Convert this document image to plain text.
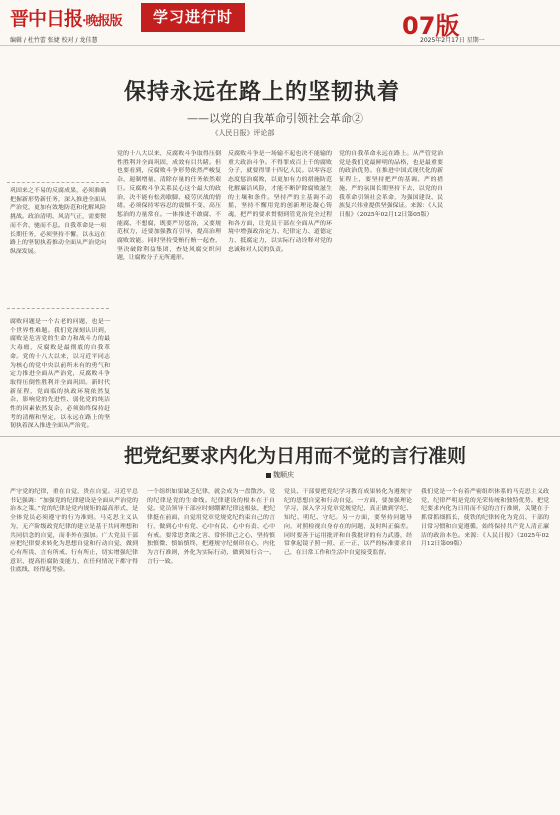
晋中日报·晚报版	学习进行时	07版
编辑 / 杜竹蕾 张婕 校对 / 龙佳慧	2025年2月17日 星期一
保持永远在路上的坚韧执着
——以党的自我革命引领社会革命②
《人民日报》评论部
巩固来之不易的反腐成果，必须准确把握新形势新任务，深入推进全面从严治党，更加有效地防范和化解风险挑战。政治清明、风清气正，需要锲而不舍、驰而不息。自我革命是一项长期任务，必须坚持不懈，以永远在路上的坚韧执着推动全面从严治党向纵深发展。
腐败问题是一个古老的问题，也是一个世界性难题。我们党深刻认识到，腐败是危害党的生命力和战斗力的最大毒瘤，反腐败是最彻底的自我革命。党的十八大以来，以习近平同志为核心的党中央以前所未有的勇气和定力推进全面从严治党，反腐败斗争取得压倒性胜利并全面巩固。新时代新征程，党面临的执政环境依然复杂，影响党的先进性、弱化党的纯洁性的因素依然复杂，必须始终保持赶考的清醒和坚定，以永远在路上的坚韧执着深入推进全面从严治党。
党的十八大以来，反腐败斗争取得压倒性胜利并全面巩固，成效有目共睹。但也要看到，反腐败斗争形势依然严峻复杂，遏制增量、清除存量的任务依然艰巨。反腐败斗争关系民心这个最大的政治，决不能有松劲歇脚、疲劳厌战的情绪，必须保持零容忍的震慑不变、高压惩治的力量常在。一体推进不敢腐、不能腐、不想腐，既要严厉惩治，又要规范权力，还要加强教育引导，提高治理腐败效能。同时坚持受贿行贿一起查，坚决破除利益集团，查处风腐交织问题，让腐败分子无所遁形。
反腐败斗争是一场输不起也决不能输的重大政治斗争。不得罪成百上千的腐败分子，就要得罪十四亿人民。以零容忍态度惩治腐败，以更加有力的措施防范化解廉洁风险，才能不断铲除腐败滋生的土壤和条件。坚持严的主基调不动摇，坚持不懈用党的创新理论凝心铸魂，把严的要求贯彻到管党治党全过程和各方面，让党员干部在全面从严的环境中增强政治定力、纪律定力、道德定力、抵腐定力，以实际行动诠释对党的忠诚和对人民的负责。
党的自我革命永远在路上。从严管党治党是我们党最鲜明的品格，也是最重要的政治优势。在推进中国式现代化的新征程上，要坚持把严的基调、严的措施、严的氛围长期坚持下去，以党的自我革命引领社会革命，为强国建设、民族复兴伟业提供坚强保证。来源：《人民日报》（2025年02月12日第05版）
把党纪要求内化为日用而不觉的言行准则
魏顺庆
严守党的纪律，重在自觉，贵在自觉。习近平总书记强调：“加强党的纪律建设是全面从严治党的治本之策。”党的纪律是党内规矩的最高形式，是全体党员必须遵守的行为准则。马克思主义认为，无产阶级政党纪律的建立是基于共同理想和共同信念的自觉，而非外在强加。广大党员干部应把纪律要求转化为思想自觉和行动自觉，做到心有所畏、言有所戒、行有所止，切实增强纪律意识，提高拒腐防变能力，在任何情况下都守得住底线、经得起考验。
一个组织如果缺乏纪律，就会成为一盘散沙。党的纪律是党的生命线。纪律建设的根本在于自觉。党员领导干部应时刻绷紧纪律这根弦，把纪律挺在前面，自觉用党章党规党纪约束自己的言行，做到心中有党、心中有民、心中有责、心中有戒。要常思贪欲之害、常怀律己之心，坚持慎独慎微、慎始慎终，把遵规守纪刻印在心，内化为言行准则，外化为实际行动，做到知行合一、言行一致。
党员、干部要把党纪学习教育成果转化为遵规守纪的思想自觉和行动自觉。一方面，要加强理论学习，深入学习党章党规党纪，真正做到学纪、知纪、明纪、守纪。另一方面，要坚持问题导向，对照检视自身存在的问题，及时纠正偏差。同时要善于运用批评和自我批评的有力武器，经常拿起镜子照一照、正一正，以严的标准要求自己，在日常工作和生活中自觉接受监督。
我们党是一个有着严密组织体系的马克思主义政党，纪律严明是党的光荣传统和独特优势。把党纪要求内化为日用而不觉的言行准则，关键在于抓常抓细抓长，使铁的纪律转化为党员、干部的日常习惯和自觉遵循，始终保持共产党人清正廉洁的政治本色。来源：《人民日报》（2025年02月12日第09版）
